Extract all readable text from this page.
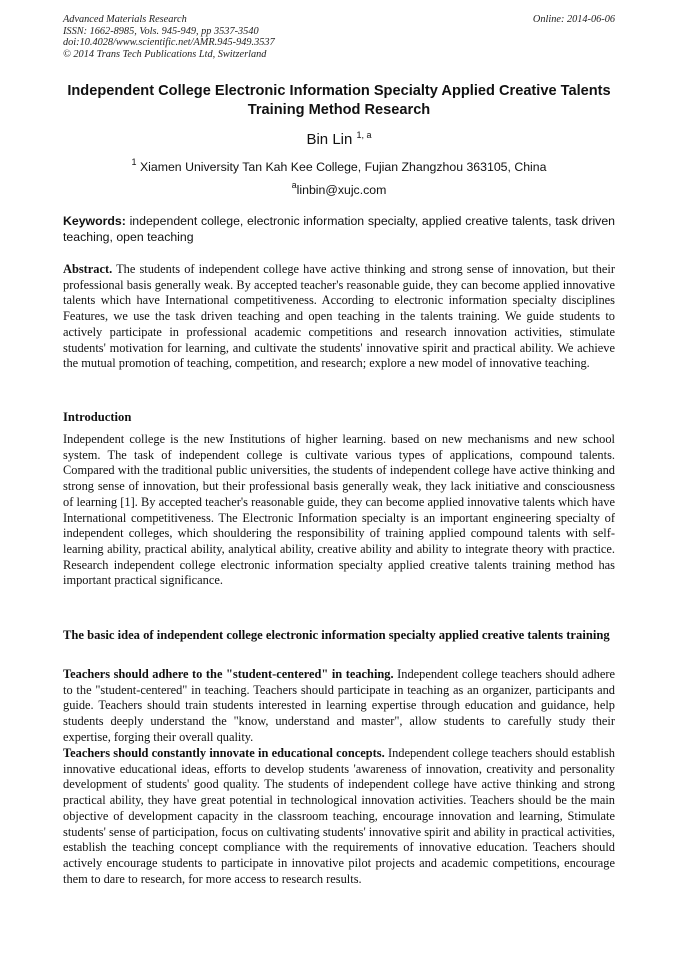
Advanced Materials Research
ISSN: 1662-8985, Vols. 945-949, pp 3537-3540
doi:10.4028/www.scientific.net/AMR.945-949.3537
© 2014 Trans Tech Publications Ltd, Switzerland
Online: 2014-06-06
Independent College Electronic Information Specialty Applied Creative Talents Training Method Research
Bin Lin $^{1, a}$
$^1$ Xiamen University Tan Kah Kee College, Fujian Zhangzhou 363105, China
$^a$linbin@xujc.com
Keywords: independent college, electronic information specialty, applied creative talents, task driven teaching, open teaching
Abstract. The students of independent college have active thinking and strong sense of innovation, but their professional basis generally weak. By accepted teacher's reasonable guide, they can become applied innovative talents which have International competitiveness. According to electronic information specialty disciplines Features, we use the task driven teaching and open teaching in the talents training. We guide students to actively participate in professional academic competitions and research innovation activities, stimulate students' motivation for learning, and cultivate the students' innovative spirit and practical ability. We achieve the mutual promotion of teaching, competition, and research; explore a new model of innovative teaching.
Introduction
Independent college is the new Institutions of higher learning. based on new mechanisms and new school system. The task of independent college is cultivate various types of applications, compound talents. Compared with the traditional public universities, the students of independent college have active thinking and strong sense of innovation, but their professional basis generally weak, they lack initiative and consciousness of learning [1]. By accepted teacher's reasonable guide, they can become applied innovative talents which have International competitiveness. The Electronic Information specialty is an important engineering specialty of independent colleges, which shouldering the responsibility of training applied compound talents with self-learning ability, practical ability, analytical ability, creative ability and ability to integrate theory with practice. Research independent college electronic information specialty applied creative talents training method has important practical significance.
The basic idea of independent college electronic information specialty applied creative talents training
Teachers should adhere to the "student-centered" in teaching. Independent college teachers should adhere to the "student-centered" in teaching. Teachers should participate in teaching as an organizer, participants and guide. Teachers should train students interested in learning expertise through education and guidance, help students deeply understand the "know, understand and master", allow students to carefully study their expertise, forging their overall quality.
Teachers should constantly innovate in educational concepts. Independent college teachers should establish innovative educational ideas, efforts to develop students 'awareness of innovation, creativity and personality development of students' good quality. The students of independent college have active thinking and strong practical ability, they have great potential in technological innovation activities. Teachers should be the main objective of development capacity in the classroom teaching, encourage innovation and learning, Stimulate students' sense of participation, focus on cultivating students' innovative spirit and ability in practical activities, establish the teaching concept compliance with the requirements of innovative education. Teachers should actively encourage students to participate in innovative pilot projects and academic competitions, encourage them to dare to research, for more access to research results.
